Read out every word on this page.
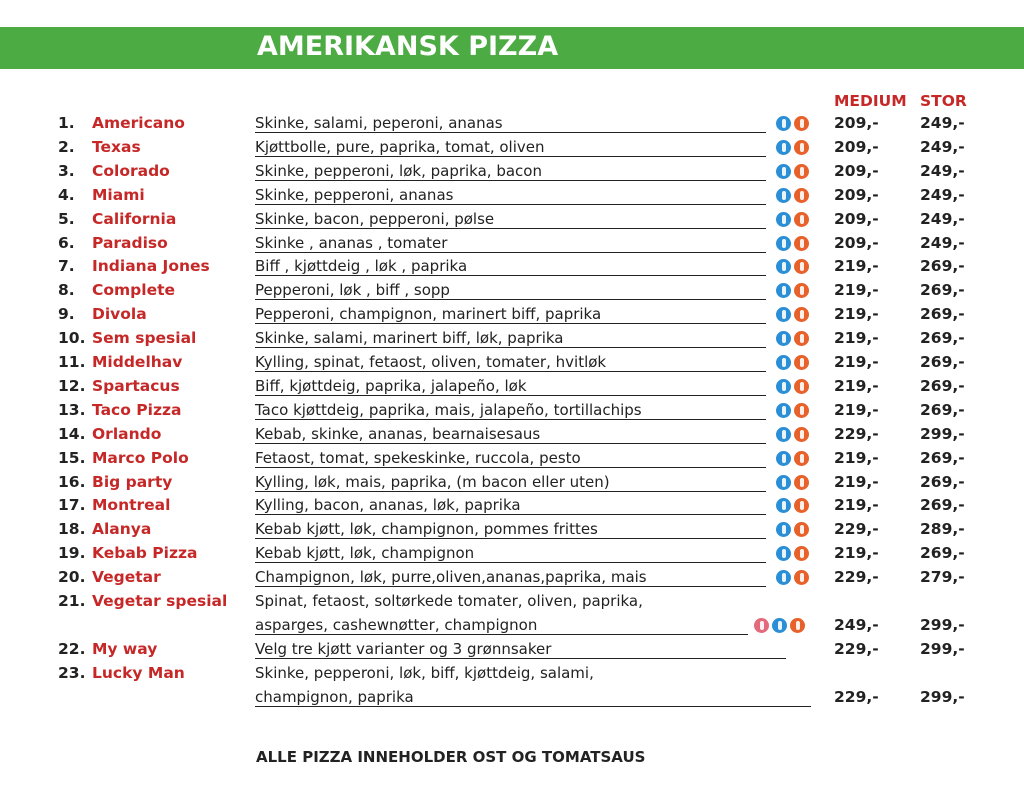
AMERIKANSK PIZZA
MEDIUM STOR
1.	Americano	Skinke, salami, peperoni, ananas	209,-	249,-
2.	Texas	Kjøttbolle, pure, paprika, tomat, oliven	209,-	249,-
3.	Colorado	Skinke, pepperoni, løk, paprika, bacon	209,-	249,-
4.	Miami	Skinke, pepperoni, ananas	209,-	249,-
5.	California	Skinke, bacon, pepperoni, pølse	209,-	249,-
6.	Paradiso	Skinke , ananas , tomater	209,-	249,-
7.	Indiana Jones	Biff , kjøttdeig , løk , paprika	219,-	269,-
8.	Complete	Pepperoni, løk , biff , sopp	219,-	269,-
9.	Divola	Pepperoni, champignon, marinert biff, paprika	219,-	269,-
10. Sem spesial	Skinke, salami, marinert biff, løk, paprika	219,-	269,-
11. Middelhav	Kylling, spinat, fetaost, oliven, tomater, hvitløk	219,-	269,-
12. Spartacus	Biff, kjøttdeig, paprika, jalapeño, løk	219,-	269,-
13. Taco Pizza	Taco kjøttdeig, paprika, mais, jalapeño, tortillachips	219,-	269,-
14. Orlando	Kebab, skinke, ananas, bearnaisesaus	229,-	299,-
15. Marco Polo	Fetaost, tomat, spekeskinke, ruccola, pesto	219,-	269,-
16. Big party	Kylling, løk, mais, paprika, (m bacon eller uten)	219,-	269,-
17. Montreal	Kylling, bacon, ananas, løk, paprika	219,-	269,-
18. Alanya	Kebab kjøtt, løk, champignon, pommes frittes	229,-	289,-
19. Kebab Pizza	Kebab kjøtt, løk, champignon	219,-	269,-
20. Vegetar	Champignon, løk, purre,oliven,ananas,paprika, mais	229,-	279,-
21. Vegetar spesial	Spinat, fetaost, soltørkede tomater, oliven, paprika,
asparges, cashewnøtter, champignon	249,-	299,-
22. My way	Velg tre kjøtt varianter og 3 grønnsaker	229,-	299,-
23. Lucky Man	Skinke, pepperoni, løk, biff, kjøttdeig, salami,
champignon, paprika	229,-	299,-

ALLE PIZZA INNEHOLDER OST OG TOMATSAUS
